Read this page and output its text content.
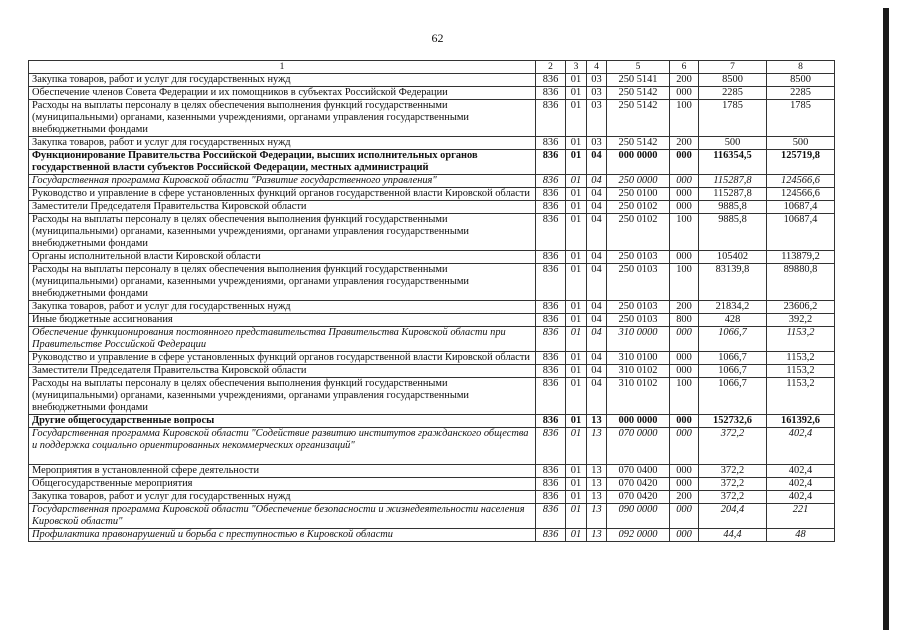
62
1	2	3	4	5	6	7	8
Закупка товаров, работ и услуг для государственных нужд	836	01	03	250 5141	200	8500	8500
Обеспечение членов Совета Федерации и их помощников в субъектах Российской Федерации	836	01	03	250 5142	000	2285	2285
Расходы на выплаты персоналу в целях обеспечения выполнения функций государственными (муниципальными) органами, казенными учреждениями, органами управления государственными внебюджетными фондами	836	01	03	250 5142	100	1785	1785
Закупка товаров, работ и услуг для государственных нужд	836	01	03	250 5142	200	500	500
Функционирование Правительства Российской Федерации, высших исполнительных органов государственной власти субъектов Российской Федерации, местных администраций	836	01	04	000 0000	000	116354,5	125719,8
Государственная программа Кировской области "Развитие государственного управления"	836	01	04	250 0000	000	115287,8	124566,6
Руководство и управление в сфере установленных функций органов государственной власти Кировской области	836	01	04	250 0100	000	115287,8	124566,6
Заместители Председателя Правительства Кировской области	836	01	04	250 0102	000	9885,8	10687,4
Расходы на выплаты персоналу в целях обеспечения выполнения функций государственными (муниципальными) органами, казенными учреждениями, органами управления государственными внебюджетными фондами	836	01	04	250 0102	100	9885,8	10687,4
Органы исполнительной власти Кировской области	836	01	04	250 0103	000	105402	113879,2
Расходы на выплаты персоналу в целях обеспечения выполнения функций государственными (муниципальными) органами, казенными учреждениями, органами управления государственными внебюджетными фондами	836	01	04	250 0103	100	83139,8	89880,8
Закупка товаров, работ и услуг для государственных нужд	836	01	04	250 0103	200	21834,2	23606,2
Иные бюджетные ассигнования	836	01	04	250 0103	800	428	392,2
Обеспечение функционирования постоянного представительства Правительства Кировской области при Правительстве Российской Федерации	836	01	04	310 0000	000	1066,7	1153,2
Руководство и управление в сфере установленных функций органов государственной власти Кировской области	836	01	04	310 0100	000	1066,7	1153,2
Заместители Председателя Правительства Кировской области	836	01	04	310 0102	000	1066,7	1153,2
Расходы на выплаты персоналу в целях обеспечения выполнения функций государственными (муниципальными) органами, казенными учреждениями, органами управления государственными внебюджетными фондами	836	01	04	310 0102	100	1066,7	1153,2
Другие общегосударственные вопросы	836	01	13	000 0000	000	152732,6	161392,6
Государственная программа Кировской области "Содействие развитию институтов гражданского общества и поддержка социально ориентированных некоммерческих организаций"	836	01	13	070 0000	000	372,2	402,4
Мероприятия в установленной сфере деятельности	836	01	13	070 0400	000	372,2	402,4
Общегосударственные мероприятия	836	01	13	070 0420	000	372,2	402,4
Закупка товаров, работ и услуг для государственных нужд	836	01	13	070 0420	200	372,2	402,4
Государственная программа Кировской области "Обеспечение безопасности и жизнедеятельности населения Кировской области"	836	01	13	090 0000	000	204,4	221
Профилактика правонарушений и борьба с преступностью в Кировской области	836	01	13	092 0000	000	44,4	48
